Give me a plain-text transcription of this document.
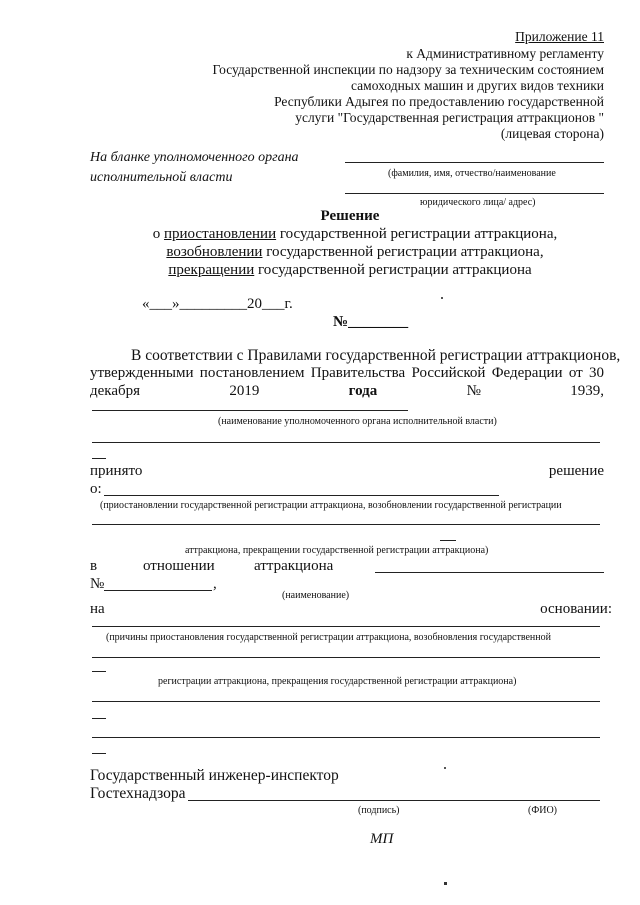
Приложение 11
к Административному регламенту
Государственной инспекции по надзору за техническим состоянием
самоходных машин и других видов техники
Республики Адыгея по предоставлению государственной
услуги "Государственная регистрация аттракционов "
(лицевая сторона)
На бланке уполномоченного органа
исполнительной власти	(фамилия, имя, отчество/наименование
юридического лица/ адрес)
Решение
о приостановлении государственной регистрации аттракциона,
возобновлении государственной регистрации аттракциона,
прекращении государственной регистрации аттракциона
«___»_________20___г.
№________
В соответствии с Правилами государственной регистрации аттракционов,
утвержденными постановлением Правительства Российской Федерации от 30
декабря	2019	года	№	1939,
(наименование уполномоченного органа исполнительной власти)
принято	решение
о:
(приостановлении государственной регистрации аттракциона, возобновлении государственной регистрации
аттракциона, прекращении государственной регистрации аттракциона)
в	отношении	аттракциона
№	,
(наименование)
на	основании:
(причины приостановления государственной регистрации аттракциона, возобновления государственной
регистрации аттракциона, прекращения государственной регистрации аттракциона)
Государственный инженер-инспектор
Гостехнадзора
(подпись)	(ФИО)
МП
